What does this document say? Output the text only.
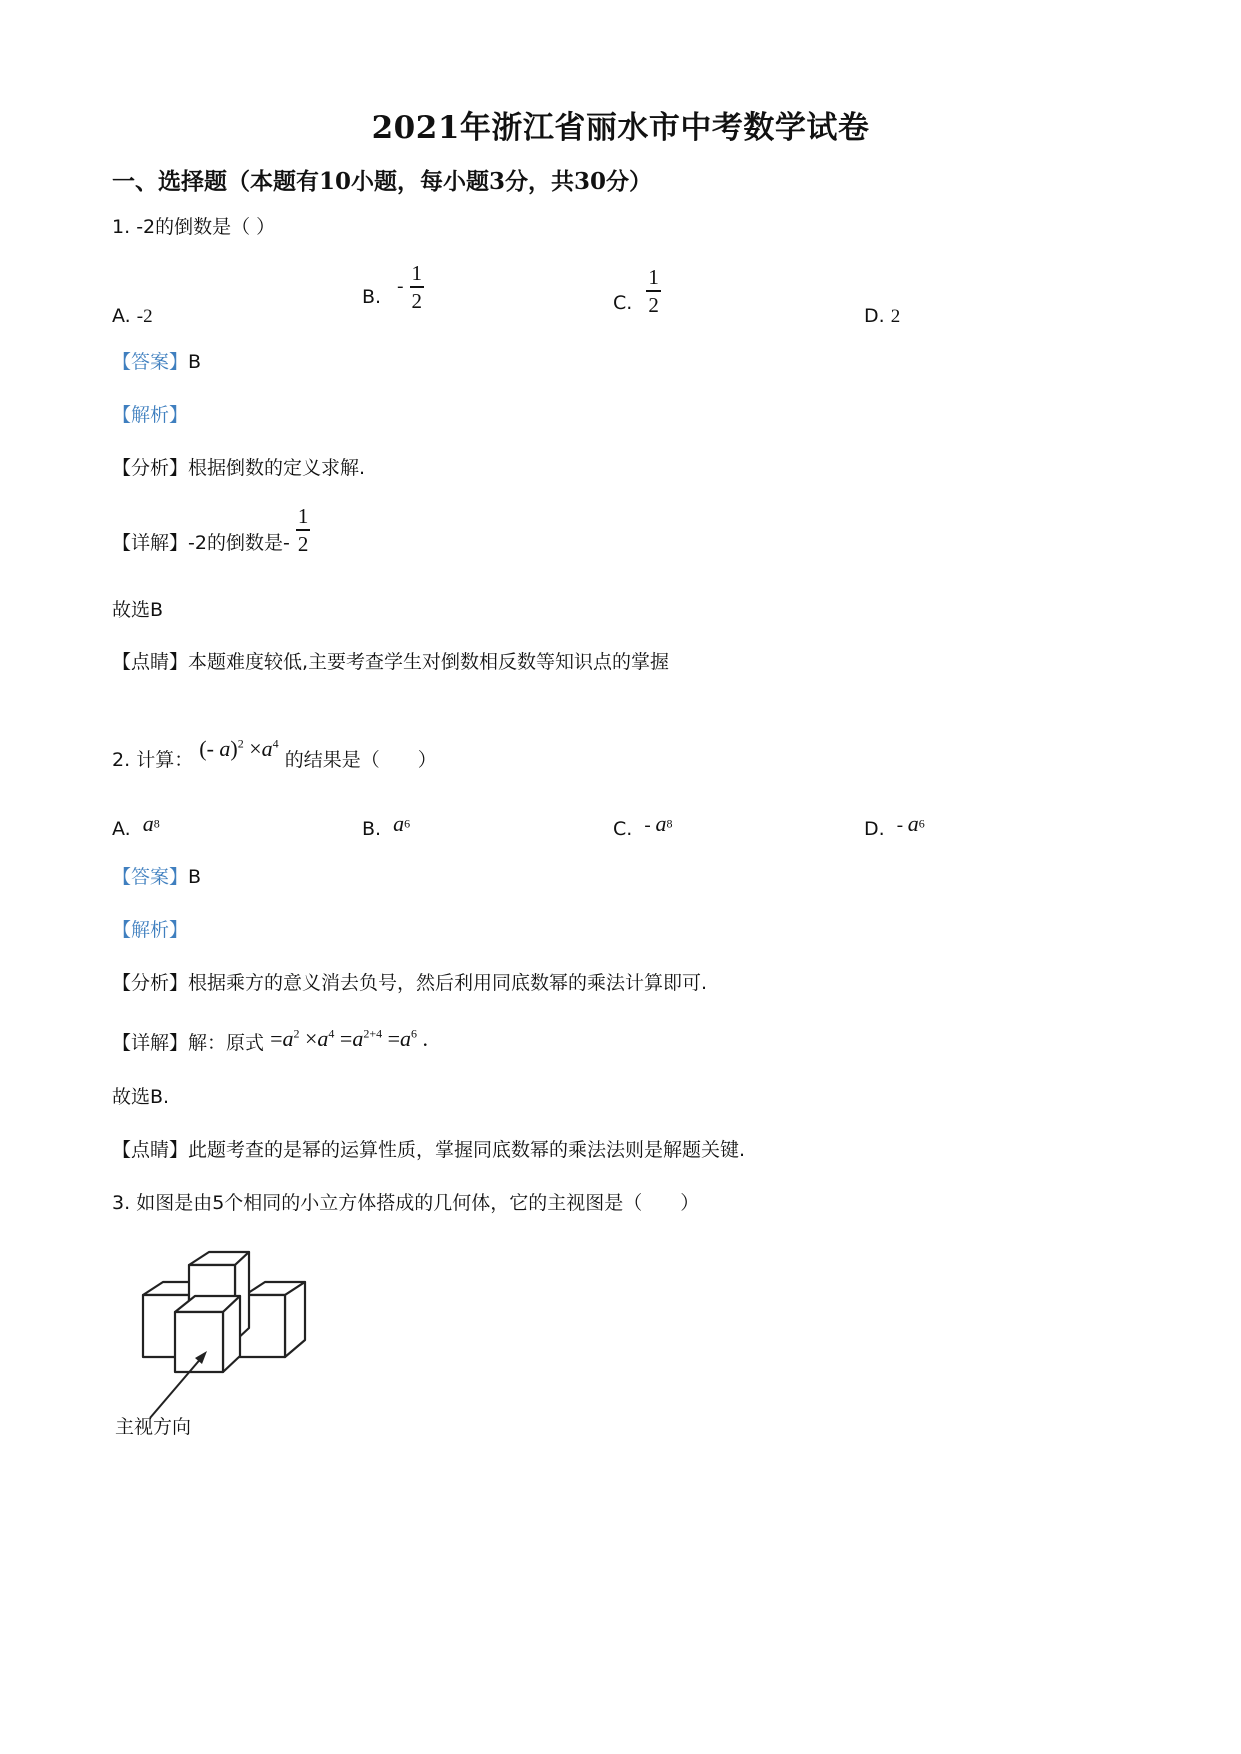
2021年浙江省丽水市中考数学试卷
一、选择题（本题有10小题，每小题3分，共30分）
1. -2的倒数是（ ）
A. -2
B. - $\frac{1}{2}$	C. $\frac{1}{2}$	D. 2
【答案】B
【解析】
【分析】根据倒数的定义求解.
【详解】-2的倒数是- $\frac{1}{2}$
故选B
【点睛】本题难度较低,主要考查学生对倒数相反数等知识点的掌握
2. 计算： (- $a)^2 \times a^4$ 的结果是（　　）
A. $a^8$	B. $a^6$	C. - $a^8$	D. - $a^6$
【答案】B
【解析】
【分析】根据乘方的意义消去负号，然后利用同底数幂的乘法计算即可.
【详解】解：原式 $=a^2 \times a^4 =a^{2+4} =a^6$ .
故选B.
【点睛】此题考查的是幂的运算性质，掌握同底数幂的乘法法则是解题关键.
3. 如图是由5个相同的小立方体搭成的几何体，它的主视图是（　　）
主视方向
